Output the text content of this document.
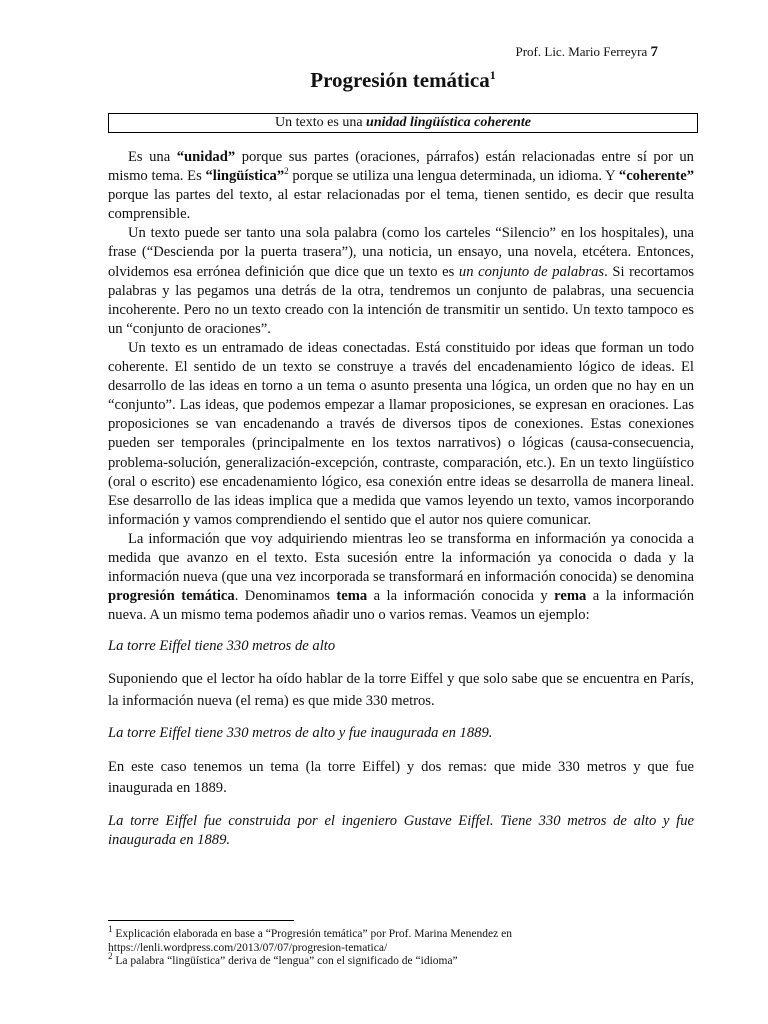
Prof. Lic. Mario Ferreyra 7
Progresión temática$^1$
Un texto es una unidad lingüística coherente

Es una “unidad” porque sus partes (oraciones, párrafos) están relacionadas entre sí por un mismo tema. Es “lingüística”$^2$ porque se utiliza una lengua determinada, un idioma. Y “coherente” porque las partes del texto, al estar relacionadas por el tema, tienen sentido, es decir que resulta comprensible.

Un texto puede ser tanto una sola palabra (como los carteles “Silencio” en los hospitales), una frase (“Descienda por la puerta trasera”), una noticia, un ensayo, una novela, etcétera. Entonces, olvidemos esa errónea definición que dice que un texto es un conjunto de palabras. Si recortamos palabras y las pegamos una detrás de la otra, tendremos un conjunto de palabras, una secuencia incoherente. Pero no un texto creado con la intención de transmitir un sentido. Un texto tampoco es un “conjunto de oraciones”.

Un texto es un entramado de ideas conectadas. Está constituido por ideas que forman un todo coherente. El sentido de un texto se construye a través del encadenamiento lógico de ideas. El desarrollo de las ideas en torno a un tema o asunto presenta una lógica, un orden que no hay en un “conjunto”. Las ideas, que podemos empezar a llamar proposiciones, se expresan en oraciones. Las proposiciones se van encadenando a través de diversos tipos de conexiones. Estas conexiones pueden ser temporales (principalmente en los textos narrativos) o lógicas (causa-consecuencia, problema-solución, generalización-excepción, contraste, comparación, etc.). En un texto lingüístico (oral o escrito) ese encadenamiento lógico, esa conexión entre ideas se desarrolla de manera lineal. Ese desarrollo de las ideas implica que a medida que vamos leyendo un texto, vamos incorporando información y vamos comprendiendo el sentido que el autor nos quiere comunicar.

La información que voy adquiriendo mientras leo se transforma en información ya conocida a medida que avanzo en el texto. Esta sucesión entre la información ya conocida o dada y la información nueva (que una vez incorporada se transformará en información conocida) se denomina progresión temática. Denominamos tema a la información conocida y rema a la información nueva. A un mismo tema podemos añadir uno o varios remas. Veamos un ejemplo:

La torre Eiffel tiene 330 metros de alto

Suponiendo que el lector ha oído hablar de la torre Eiffel y que solo sabe que se encuentra en París, la información nueva (el rema) es que mide 330 metros.

La torre Eiffel tiene 330 metros de alto y fue inaugurada en 1889.

En este caso tenemos un tema (la torre Eiffel) y dos remas: que mide 330 metros y que fue inaugurada en 1889.

La torre Eiffel fue construida por el ingeniero Gustave Eiffel. Tiene 330 metros de alto y fue inaugurada en 1889.

$^1$ Explicación elaborada en base a “Progresión temática” por Prof. Marina Menendez en https://lenli.wordpress.com/2013/07/07/progresion-tematica/
$^2$ La palabra “lingüística” deriva de “lengua” con el significado de “idioma”
